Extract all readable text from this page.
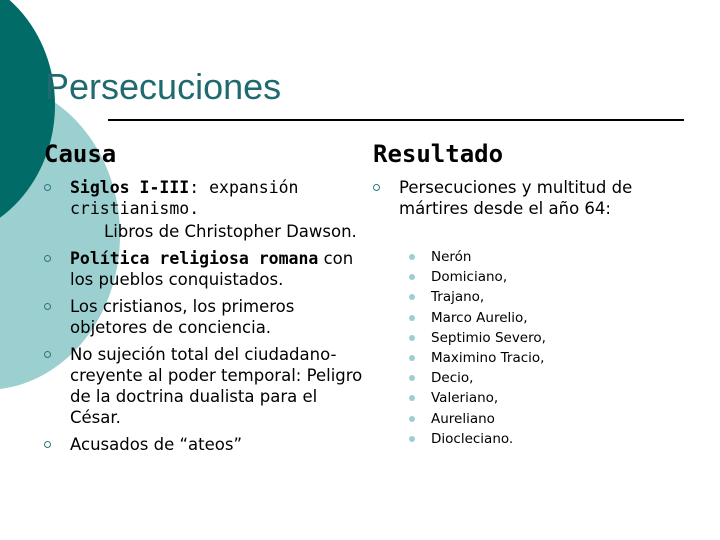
Persecuciones
Causa	Resultado
Siglos I-III: expansión cristianismo.
Libros de Christopher Dawson.
Política religiosa romana con los pueblos conquistados.
Los cristianos, los primeros objetores de conciencia.
No sujeción total del ciudadano-creyente al poder temporal: Peligro de la doctrina dualista para el César.
Acusados de “ateos”
Persecuciones y multitud de mártires desde el año 64:
Nerón
Domiciano,
Trajano,
Marco Aurelio,
Septimio Severo,
Maximino Tracio,
Decio,
Valeriano,
Aureliano
Diocleciano.
